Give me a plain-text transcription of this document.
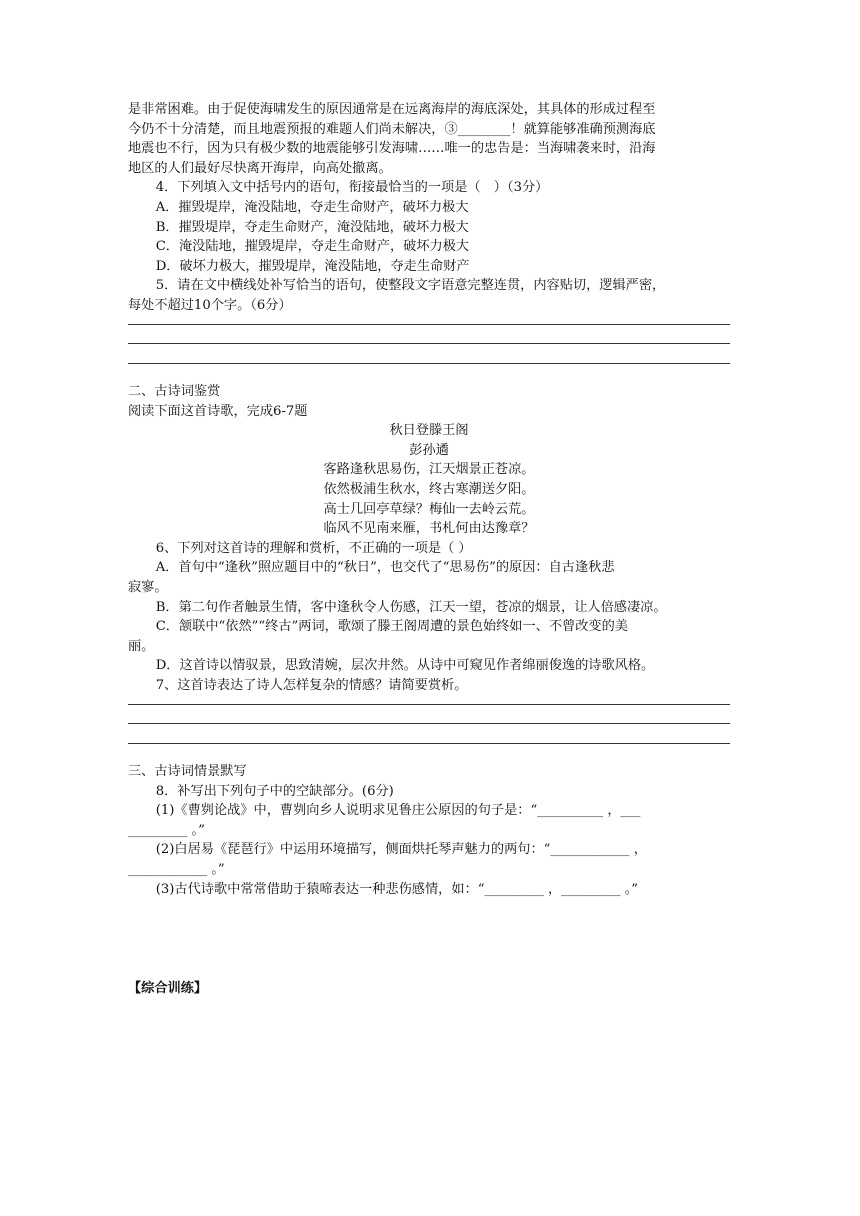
是非常困难。由于促使海啸发生的原因通常是在远离海岸的海底深处，其具体的形成过程至

今仍不十分清楚，而且地震预报的难题人们尚未解决，③________！就算能够准确预测海底

地震也不行，因为只有极少数的地震能够引发海啸……唯一的忠告是：当海啸袭来时，沿海

地区的人们最好尽快离开海岸，向高处撤离。

4．下列填入文中括号内的语句，衔接最恰当的一项是（　）（3分）

A．摧毁堤岸，淹没陆地，夺走生命财产，破坏力极大

B．摧毁堤岸，夺走生命财产，淹没陆地，破坏力极大

C．淹没陆地，摧毁堤岸，夺走生命财产，破坏力极大

D．破坏力极大，摧毁堤岸，淹没陆地，夺走生命财产

5．请在文中横线处补写恰当的语句，使整段文字语意完整连贯，内容贴切，逻辑严密，

每处不超过10个字。（6分）

二、古诗词鉴赏

阅读下面这首诗歌，完成6-7题

秋日登滕王阁

彭孙遹

客路逢秋思易伤，江天烟景正苍凉。

依然极浦生秋水，终古寒潮送夕阳。

高士几回亭草绿？梅仙一去岭云荒。

临风不见南来雁，书札何由达豫章？

6、下列对这首诗的理解和赏析，不正确的一项是（ ）

A．首句中“逢秋”照应题目中的“秋日”，也交代了“思易伤”的原因：自古逢秋悲

寂寥。

B．第二句作者触景生情，客中逢秋令人伤感，江天一望，苍凉的烟景，让人倍感凄凉。

C．颔联中“依然”“终古”两词，歌颂了滕王阁周遭的景色始终如一、不曾改变的美

丽。

D．这首诗以情驭景，思致清婉，层次井然。从诗中可窥见作者绵丽俊逸的诗歌风格。

7、这首诗表达了诗人怎样复杂的情感？请简要赏析。

三、古诗词情景默写

8．补写出下列句子中的空缺部分。(6分)

(1)《曹刿论战》中，曹刿向乡人说明求见鲁庄公原因的句子是：“__________ ，___

_________ 。”

(2)白居易《琵琶行》中运用环境描写，侧面烘托琴声魅力的两句：“____________ ，

____________ 。”

(3)古代诗歌中常常借助于猿啼表达一种悲伤感情，如：“_________ ，_________ 。”

【综合训练】
